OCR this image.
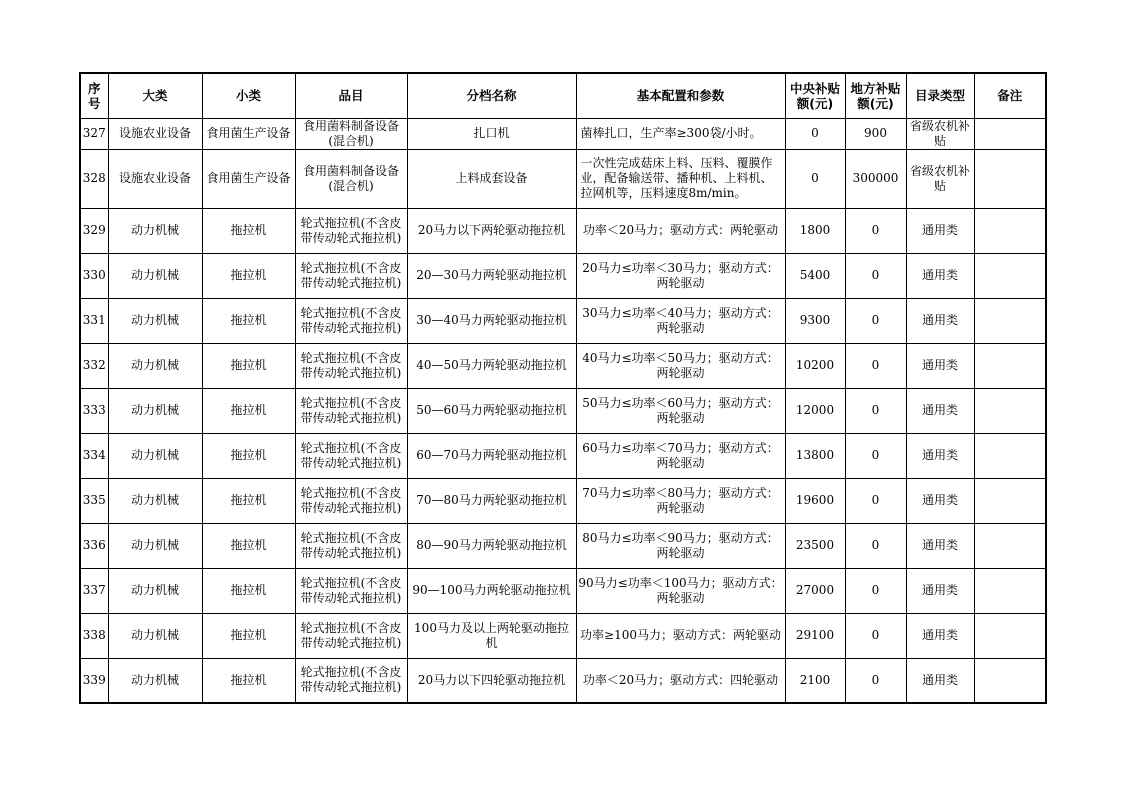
序号	大类	小类	品目	分档名称	基本配置和参数	中央补贴额(元)	地方补贴额(元)	目录类型	备注
327	设施农业设备	食用菌生产设备	食用菌料制备设备(混合机)	扎口机	菌棒扎口，生产率≥300袋/小时。	0	900	省级农机补贴	

328	设施农业设备	食用菌生产设备	食用菌料制备设备(混合机)	上料成套设备	一次性完成菇床上料、压料、覆膜作业，配备输送带、播种机、上料机、拉网机等，压料速度8m/min。	0	300000	省级农机补贴	

329	动力机械	拖拉机	轮式拖拉机(不含皮带传动轮式拖拉机)	20马力以下两轮驱动拖拉机	功率＜20马力；驱动方式：两轮驱动	1800	0	通用类	

330	动力机械	拖拉机	轮式拖拉机(不含皮带传动轮式拖拉机)	20—30马力两轮驱动拖拉机	20马力≤功率＜30马力；驱动方式：两轮驱动	5400	0	通用类	

331	动力机械	拖拉机	轮式拖拉机(不含皮带传动轮式拖拉机)	30—40马力两轮驱动拖拉机	30马力≤功率＜40马力；驱动方式：两轮驱动	9300	0	通用类	

332	动力机械	拖拉机	轮式拖拉机(不含皮带传动轮式拖拉机)	40—50马力两轮驱动拖拉机	40马力≤功率＜50马力；驱动方式：两轮驱动	10200	0	通用类	

333	动力机械	拖拉机	轮式拖拉机(不含皮带传动轮式拖拉机)	50—60马力两轮驱动拖拉机	50马力≤功率＜60马力；驱动方式：两轮驱动	12000	0	通用类	

334	动力机械	拖拉机	轮式拖拉机(不含皮带传动轮式拖拉机)	60—70马力两轮驱动拖拉机	60马力≤功率＜70马力；驱动方式：两轮驱动	13800	0	通用类	

335	动力机械	拖拉机	轮式拖拉机(不含皮带传动轮式拖拉机)	70—80马力两轮驱动拖拉机	70马力≤功率＜80马力；驱动方式：两轮驱动	19600	0	通用类	

336	动力机械	拖拉机	轮式拖拉机(不含皮带传动轮式拖拉机)	80—90马力两轮驱动拖拉机	80马力≤功率＜90马力；驱动方式：两轮驱动	23500	0	通用类	

337	动力机械	拖拉机	轮式拖拉机(不含皮带传动轮式拖拉机)	90—100马力两轮驱动拖拉机	90马力≤功率＜100马力；驱动方式：两轮驱动	27000	0	通用类	

338	动力机械	拖拉机	轮式拖拉机(不含皮带传动轮式拖拉机)	100马力及以上两轮驱动拖拉机	功率≥100马力；驱动方式：两轮驱动	29100	0	通用类	

339	动力机械	拖拉机	轮式拖拉机(不含皮带传动轮式拖拉机)	20马力以下四轮驱动拖拉机	功率＜20马力；驱动方式：四轮驱动	2100	0	通用类	
